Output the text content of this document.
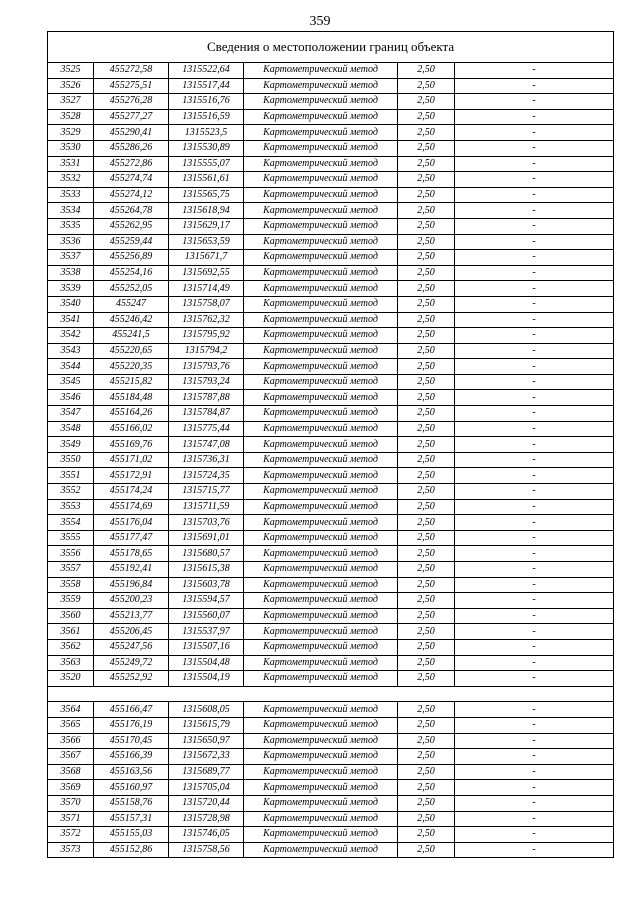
359
Сведения о местоположении границ объекта					
3525	455272,58	1315522,64	Картометрический метод	2,50	-
3526	455275,51	1315517,44	Картометрический метод	2,50	-
3527	455276,28	1315516,76	Картометрический метод	2,50	-
3528	455277,27	1315516,59	Картометрический метод	2,50	-
3529	455290,41	1315523,5	Картометрический метод	2,50	-
3530	455286,26	1315530,89	Картометрический метод	2,50	-
3531	455272,86	1315555,07	Картометрический метод	2,50	-
3532	455274,74	1315561,61	Картометрический метод	2,50	-
3533	455274,12	1315565,75	Картометрический метод	2,50	-
3534	455264,78	1315618,94	Картометрический метод	2,50	-
3535	455262,95	1315629,17	Картометрический метод	2,50	-
3536	455259,44	1315653,59	Картометрический метод	2,50	-
3537	455256,89	1315671,7	Картометрический метод	2,50	-
3538	455254,16	1315692,55	Картометрический метод	2,50	-
3539	455252,05	1315714,49	Картометрический метод	2,50	-
3540	455247	1315758,07	Картометрический метод	2,50	-
3541	455246,42	1315762,32	Картометрический метод	2,50	-
3542	455241,5	1315795,92	Картометрический метод	2,50	-
3543	455220,65	1315794,2	Картометрический метод	2,50	-
3544	455220,35	1315793,76	Картометрический метод	2,50	-
3545	455215,82	1315793,24	Картометрический метод	2,50	-
3546	455184,48	1315787,88	Картометрический метод	2,50	-
3547	455164,26	1315784,87	Картометрический метод	2,50	-
3548	455166,02	1315775,44	Картометрический метод	2,50	-
3549	455169,76	1315747,08	Картометрический метод	2,50	-
3550	455171,02	1315736,31	Картометрический метод	2,50	-
3551	455172,91	1315724,35	Картометрический метод	2,50	-
3552	455174,24	1315715,77	Картометрический метод	2,50	-
3553	455174,69	1315711,59	Картометрический метод	2,50	-
3554	455176,04	1315703,76	Картометрический метод	2,50	-
3555	455177,47	1315691,01	Картометрический метод	2,50	-
3556	455178,65	1315680,57	Картометрический метод	2,50	-
3557	455192,41	1315615,38	Картометрический метод	2,50	-
3558	455196,84	1315603,78	Картометрический метод	2,50	-
3559	455200,23	1315594,57	Картометрический метод	2,50	-
3560	455213,77	1315560,07	Картометрический метод	2,50	-
3561	455206,45	1315537,97	Картометрический метод	2,50	-
3562	455247,56	1315507,16	Картометрический метод	2,50	-
3563	455249,72	1315504,48	Картометрический метод	2,50	-
3520	455252,92	1315504,19	Картометрический метод	2,50	-

3564	455166,47	1315608,05	Картометрический метод	2,50	-
3565	455176,19	1315615,79	Картометрический метод	2,50	-
3566	455170,45	1315650,97	Картометрический метод	2,50	-
3567	455166,39	1315672,33	Картометрический метод	2,50	-
3568	455163,56	1315689,77	Картометрический метод	2,50	-
3569	455160,97	1315705,04	Картометрический метод	2,50	-
3570	455158,76	1315720,44	Картометрический метод	2,50	-
3571	455157,31	1315728,98	Картометрический метод	2,50	-
3572	455155,03	1315746,05	Картометрический метод	2,50	-
3573	455152,86	1315758,56	Картометрический метод	2,50	-
